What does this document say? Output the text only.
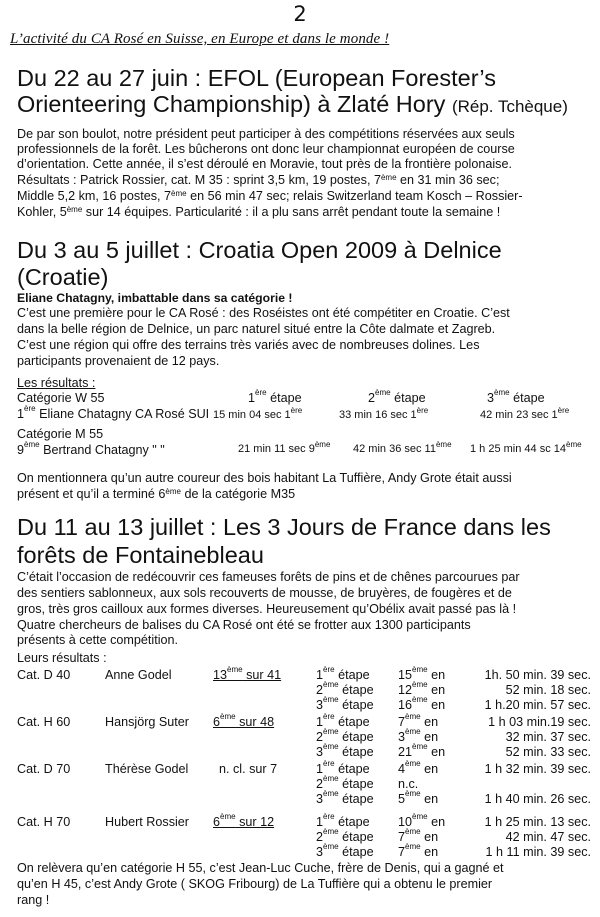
2
L’activité du CA Rosé en Suisse, en Europe et dans le monde !
Du 22 au 27 juin : EFOL (European Forester’s
Orienteering Championship) à Zlaté Hory (Rép. Tchèque)
De par son boulot, notre président peut participer à des compétitions réservées aux seuls
professionnels de la forêt. Les bûcherons ont donc leur championnat européen de course
d’orientation. Cette année, il s’est déroulé en Moravie, tout près de la frontière polonaise.
Résultats : Patrick Rossier, cat. M 35 : sprint 3,5 km, 19 postes, 7ème en 31 min 36 sec;
Middle 5,2 km, 16 postes, 7ème en 56 min 47 sec; relais Switzerland team Kosch – Rossier-
Kohler, 5ème sur 14 équipes. Particularité : il a plu sans arrêt pendant toute la semaine !
Du 3 au 5 juillet : Croatia Open 2009 à Delnice
(Croatie)
Eliane Chatagny, imbattable dans sa catégorie !
C’est une première pour le CA Rosé : des Roséistes ont été compétiter en Croatie. C’est
dans la belle région de Delnice, un parc naturel situé entre la Côte dalmate et Zagreb.
C’est une région qui offre des terrains très variés avec de nombreuses dolines. Les
participants provenaient de 12 pays.
Les résultats :
Catégorie W 55	1ère étape	2ème étape	3ème étape
1ère Eliane Chatagny CA Rosé SUI 15 min 04 sec 1ère	33 min 16 sec 1ère	42 min 23 sec 1ère
Catégorie M 55
9ème Bertrand Chatagny " "	21 min 11 sec 9ème 42 min 36 sec 11ème 1 h 25 min 44 sc 14ème
On mentionnera qu’un autre coureur des bois habitant La Tuffière, Andy Grote était aussi
présent et qu’il a terminé 6ème de la catégorie M35
Du 11 au 13 juillet : Les 3 Jours de France dans les
forêts de Fontainebleau
C’était l’occasion de redécouvrir ces fameuses forêts de pins et de chênes parcourues par
des sentiers sablonneux, aux sols recouverts de mousse, de bruyères, de fougères et de
gros, très gros cailloux aux formes diverses. Heureusement qu’Obélix avait passé pas là !
Quatre chercheurs de balises du CA Rosé ont été se frotter aux 1300 participants
présents à cette compétition.
Leurs résultats :
Cat. D 40	Anne Godel	13ème sur 41	1ère étape 15ème en	1h. 50 min. 39 sec.
2ème étape 12ème en	52 min. 18 sec.
3ème étape 16ème en	1 h.20 min. 57 sec.
Cat. H 60	Hansjörg Suter 6ème sur 48	1ère étape 7ème en	1 h 03 min.19 sec.
2ème étape 3ème en	32 min. 37 sec.
3ème étape 21ème en	52 min. 33 sec.
Cat. D 70	Thérèse Godel n. cl. sur 7	1ère étape 4ème en	1 h 32 min. 39 sec.
2ème étape n.c.
3ème étape 5ème en	1 h 40 min. 26 sec.
Cat. H 70	Hubert Rossier 6ème sur 12	1ère étape 10ème en	1 h 25 min. 13 sec.
2ème étape 7ème en	42 min. 47 sec.
3ème étape 7ème en	1 h 11 min. 39 sec.
On relèvera qu’en catégorie H 55, c’est Jean-Luc Cuche, frère de Denis, qui a gagné et
qu’en H 45, c’est Andy Grote ( SKOG Fribourg) de La Tuffière qui a obtenu le premier
rang !
